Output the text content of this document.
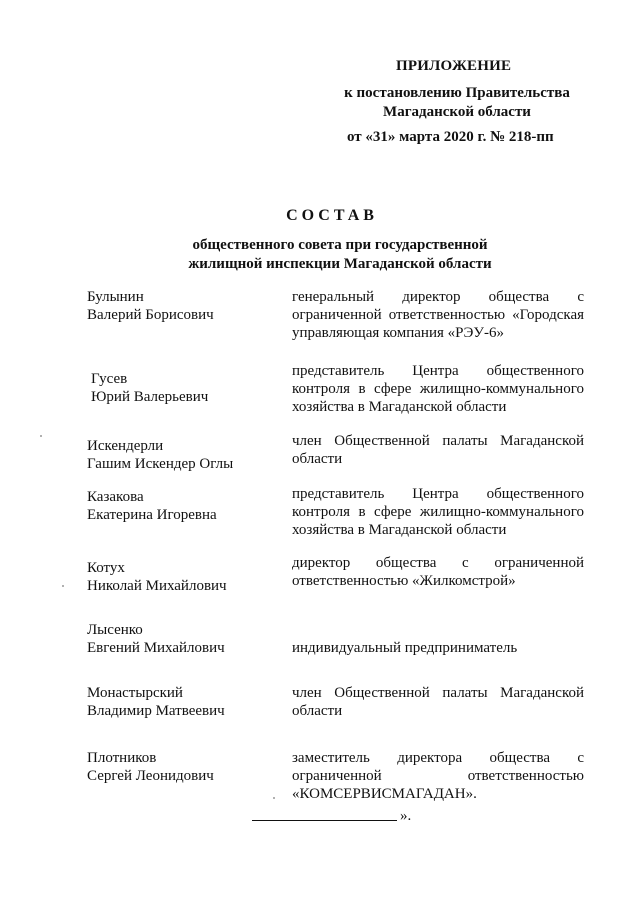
ПРИЛОЖЕНИЕ
к постановлению Правительства
Магаданской области
от «31» марта 2020 г. № 218-пп
СОСТАВ
общественного совета при государственной
жилищной инспекции Магаданской области
Булынин
Валерий Борисович
генеральный директор общества с ограниченной ответственностью «Городская управляющая компания «РЭУ-6»
Гусев
Юрий Валерьевич
представитель Центра общественного контроля в сфере жилищно-коммунального хозяйства в Магаданской области
Искендерли
Гашим Искендер Оглы
член Общественной палаты Магаданской области
Казакова
Екатерина Игоревна
представитель Центра общественного контроля в сфере жилищно-коммунального хозяйства в Магаданской области
Котух
Николай Михайлович
директор общества с ограниченной ответственностью «Жилкомстрой»
Лысенко
Евгений Михайлович	индивидуальный предприниматель
Монастырский
Владимир Матвеевич
член Общественной палаты Магаданской области
Плотников
Сергей Леонидович
заместитель директора общества с ограниченной ответственностью «КОМСЕРВИСМАГАДАН».
».
